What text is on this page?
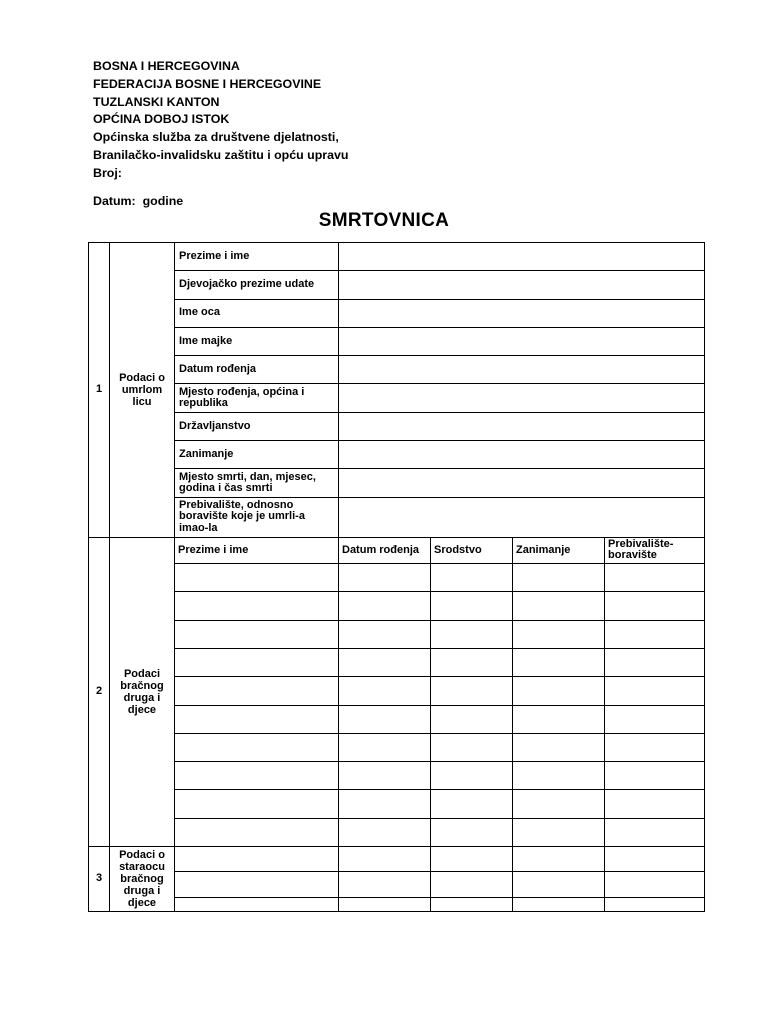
BOSNA I HERCEGOVINA
FEDERACIJA BOSNE I HERCEGOVINE
TUZLANSKI KANTON
OPĆINA DOBOJ ISTOK
Općinska služba za društvene djelatnosti,
Branilačko-invalidsku zaštitu i opću upravu
Broj:
Datum:  godine
SMRTOVNICA
1	Podaci o umrlom licu	Prezime i ime				
		Djevojačko prezime udate				
		Ime oca				
		Ime majke				
		Datum rođenja				
		Mjesto rođenja, općina i republika				
		Državljanstvo				
		Zanimanje				
		Mjesto smrti, dan, mjesec, godina i čas smrti				
		Prebivalište, odnosno boravište koje je umrli-a imao-la				
2	Podaci bračnog druga i djece	Prezime i ime	Datum rođenja	Srodstvo	Zanimanje	Prebivalište-boravište

3	Podaci o staraocu bračnog druga i djece					
